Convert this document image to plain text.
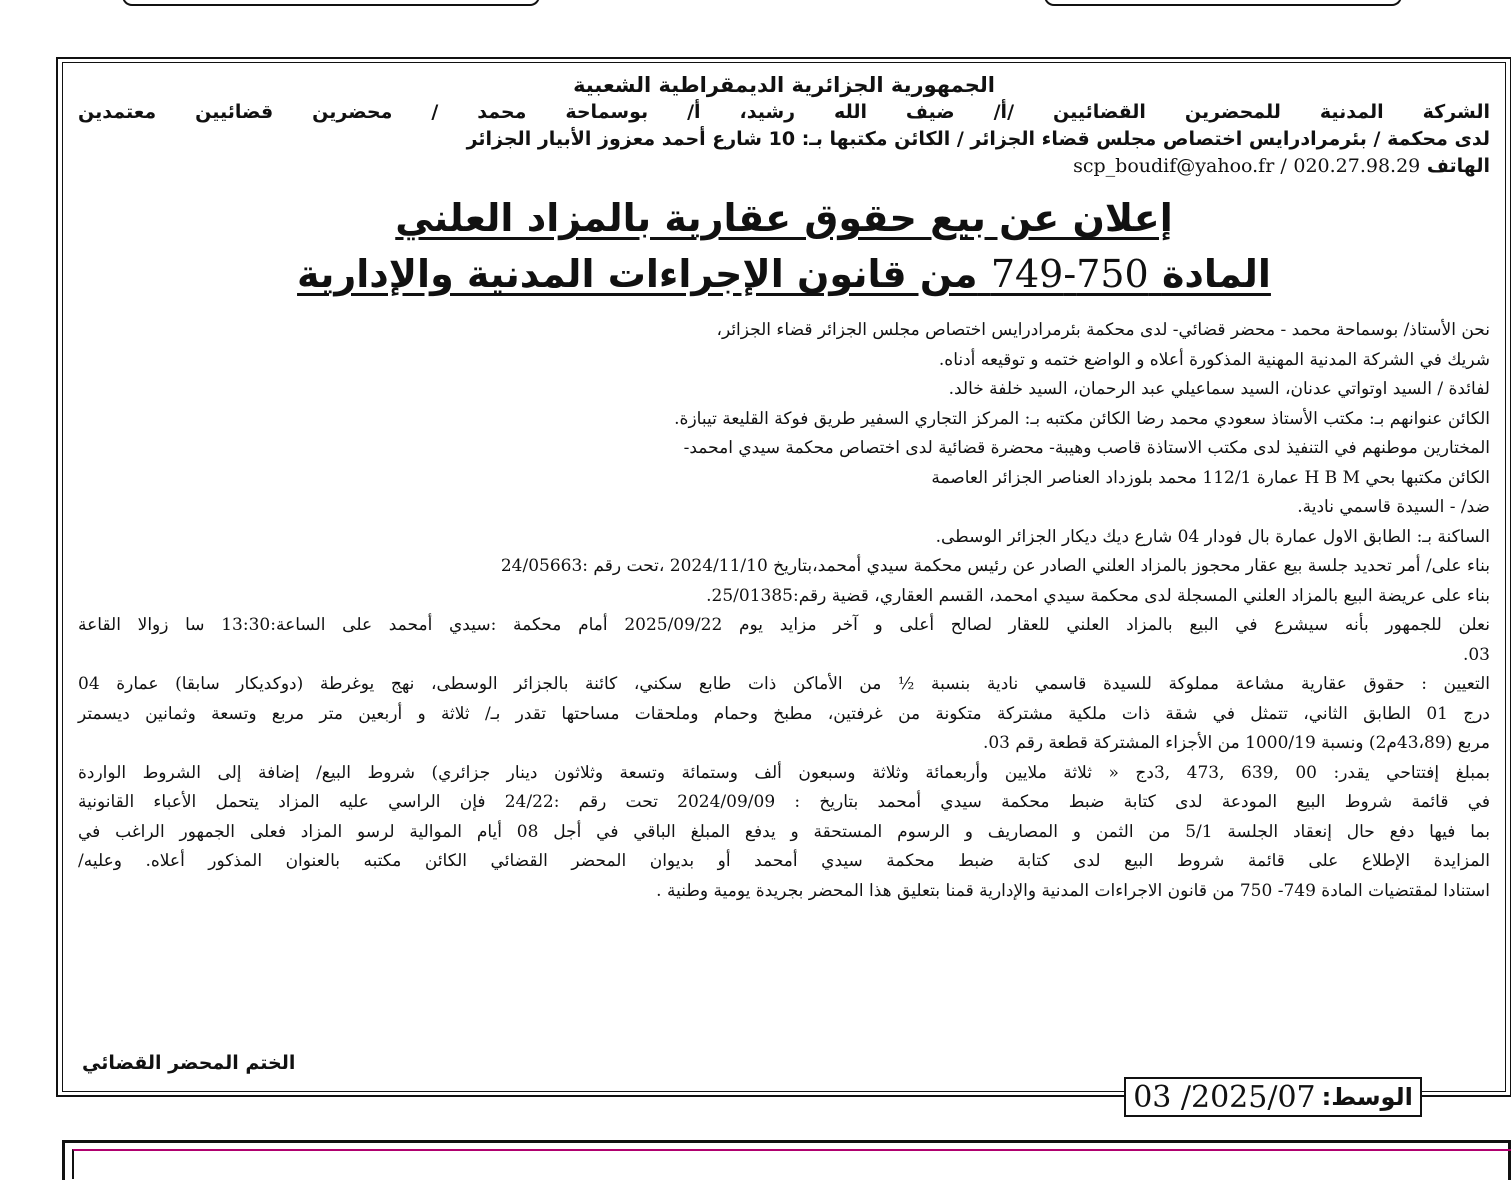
الجمهورية الجزائرية الديمقراطية الشعبية
الشركة المدنية للمحضرين القضائيين /أ/ ضيف الله رشيد، أ/ بوسماحة محمد / محضرين قضائيين معتمدين
لدى محكمة / بئرمرادرايس اختصاص مجلس قضاء الجزائر / الكائن مكتبها بـ: 10 شارع أحمد معزوز الأبيار الجزائر
الهاتف 020.27.98.29 / scp_boudif@yahoo.fr
إعلان عن بيع حقوق عقارية بالمزاد العلني
المادة 750-749 من قانون الإجراءات المدنية والإدارية

نحن الأستاذ/ بوسماحة محمد - محضر قضائي- لدى محكمة بئرمرادرايس اختصاص مجلس الجزائر قضاء الجزائر،

شريك في الشركة المدنية المهنية المذكورة أعلاه و الواضع ختمه و توقيعه أدناه.

لفائدة / السيد اوتواتي عدنان، السيد سماعيلي عبد الرحمان، السيد خلفة خالد.

الكائن عنوانهم بـ: مكتب الأستاذ سعودي محمد رضا الكائن مكتبه بـ: المركز التجاري السفير طريق فوكة القليعة تيبازة.

المختارين موطنهم في التنفيذ لدى مكتب الاستاذة قاصب وهيبة- محضرة قضائية لدى اختصاص محكمة سيدي امحمد-

الكائن مكتبها بحي H B M عمارة 112/1 محمد بلوزداد العناصر الجزائر العاصمة

ضد/ - السيدة قاسمي نادية.

الساكنة بـ: الطابق الاول عمارة بال فودار 04 شارع ديك ديكار الجزائر الوسطى.

بناء على/ أمر تحديد جلسة بيع عقار محجوز بالمزاد العلني الصادر عن رئيس محكمة سيدي أمحمد،بتاريخ 2024/11/10 ،تحت رقم :24/05663

بناء على عريضة البيع بالمزاد العلني المسجلة لدى محكمة سيدي امحمد، القسم العقاري، قضية رقم:25/01385.

نعلن للجمهور بأنه سيشرع في البيع بالمزاد العلني للعقار لصالح أعلى و آخر مزايد يوم 2025/09/22 أمام محكمة :سيدي أمحمد على الساعة:13:30 سا زوالا القاعة

03.

التعيين : حقوق عقارية مشاعة مملوكة للسيدة قاسمي نادية بنسبة ½ من الأماكن ذات طابع سكني، كائنة بالجزائر الوسطى، نهج يوغرطة (دوكديكار سابقا) عمارة 04

درج 01 الطابق الثاني، تتمثل في شقة ذات ملكية مشتركة متكونة من غرفتين، مطبخ وحمام وملحقات مساحتها تقدر بـ/ ثلاثة و أربعين متر مربع وتسعة وثمانين ديسمتر

مربع (43،89م2) ونسبة 1000/19 من الأجزاء المشتركة قطعة رقم 03.

بمبلغ إفتتاحي يقدر: 00 ,639 ,473 ,3دج « ثلاثة ملايين وأربعمائة وثلاثة وسبعون ألف وستمائة وتسعة وثلاثون دينار جزائري) شروط البيع/ إضافة إلى الشروط الواردة

في قائمة شروط البيع المودعة لدى كتابة ضبط محكمة سيدي أمحمد بتاريخ : 2024/09/09 تحت رقم :24/22 فإن الراسي عليه المزاد يتحمل الأعباء القانونية

بما فيها دفع حال إنعقاد الجلسة 5/1 من الثمن و المصاريف و الرسوم المستحقة و يدفع المبلغ الباقي في أجل 08 أيام الموالية لرسو المزاد فعلى الجمهور الراغب في

المزايدة الإطلاع على قائمة شروط البيع لدى كتابة ضبط محكمة سيدي أمحمد أو بديوان المحضر القضائي الكائن مكتبه بالعنوان المذكور أعلاه. وعليه/

استنادا لمقتضيات المادة 749- 750 من قانون الاجراءات المدنية والإدارية قمنا بتعليق هذا المحضر بجريدة يومية وطنية .

الختم المحضر القضائي
الوسط:
03 /2025/07
